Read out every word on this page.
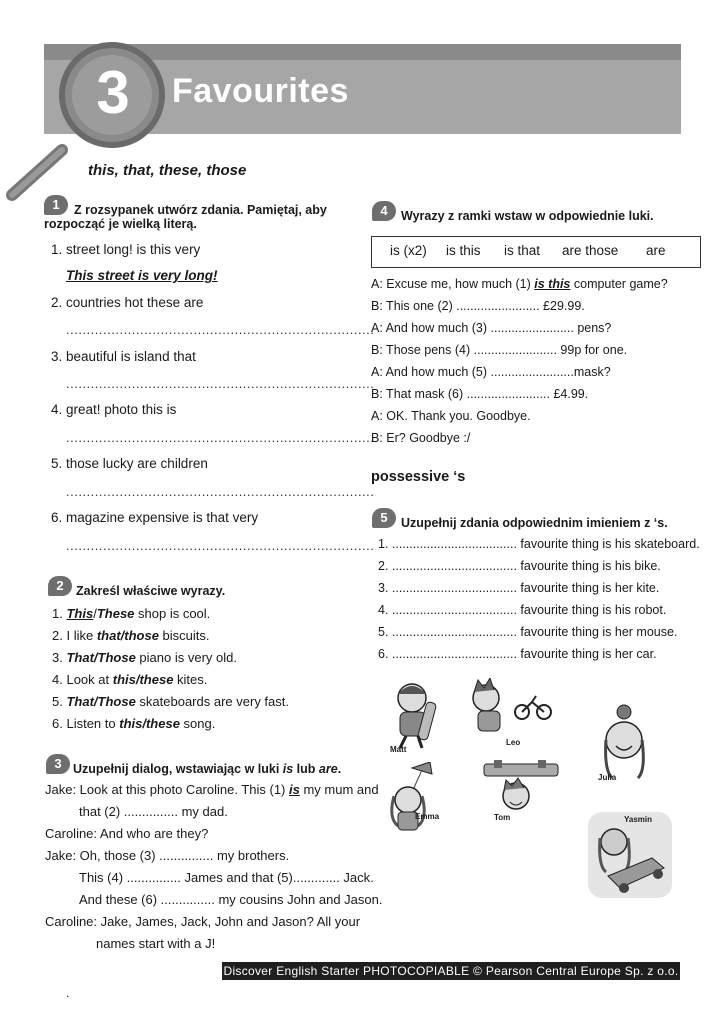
3 Favourites
this, that, these, those
1	Z rozsypanek utwórz zdania. Pamiętaj, aby
rozpocząć je wielką literą.
1. street long! is this very
This street is very long!
2. countries hot these are
...........................................................................
3. beautiful is island that
...........................................................................
4. great! photo this is
...........................................................................
5. those lucky are children
...........................................................................
6. magazine expensive is that very
...........................................................................
2 Zakreśl właściwe wyrazy.
1. This/These shop is cool.
2. I like that/those biscuits.
3. That/Those piano is very old.
4. Look at this/these kites.
5. That/Those skateboards are very fast.
6. Listen to this/these song.
3 Uzupełnij dialog, wstawiając w luki is lub are.
Jake: Look at this photo Caroline. This (1) is my mum and
that (2) ............... my dad.
Caroline: And who are they?
Jake: Oh, those (3) ............... my brothers.
This (4) ............... James and that (5)............. Jack.
And these (6) ............... my cousins John and Jason.
Caroline: Jake, James, Jack, John and Jason? All your
names start with a J!
4	Wyrazy z ramki wstaw w odpowiednie luki.
is (x2) is this is that are those are
A: Excuse me, how much (1) is this computer game?
B: This one (2) ........................ £29.99.
A: And how much (3) ........................ pens?
B: Those pens (4) ........................ 99p for one.
A: And how much (5) ........................mask?
B: That mask (6) ........................ £4.99.
A: OK. Thank you. Goodbye.
B: Er? Goodbye :/
possessive ‘s
5	Uzupełnij zdania odpowiednim imieniem z ‘s.
1. .................................... favourite thing is his skateboard.
2. .................................... favourite thing is his bike.
3. .................................... favourite thing is her kite.
4. .................................... favourite thing is his robot.
5. .................................... favourite thing is her mouse.
6. .................................... favourite thing is her car.
Matt
Leo
Julia
Emma	Tom	Yasmin
Discover English Starter PHOTOCOPIABLE © Pearson Central Europe Sp. z o.o.
.
